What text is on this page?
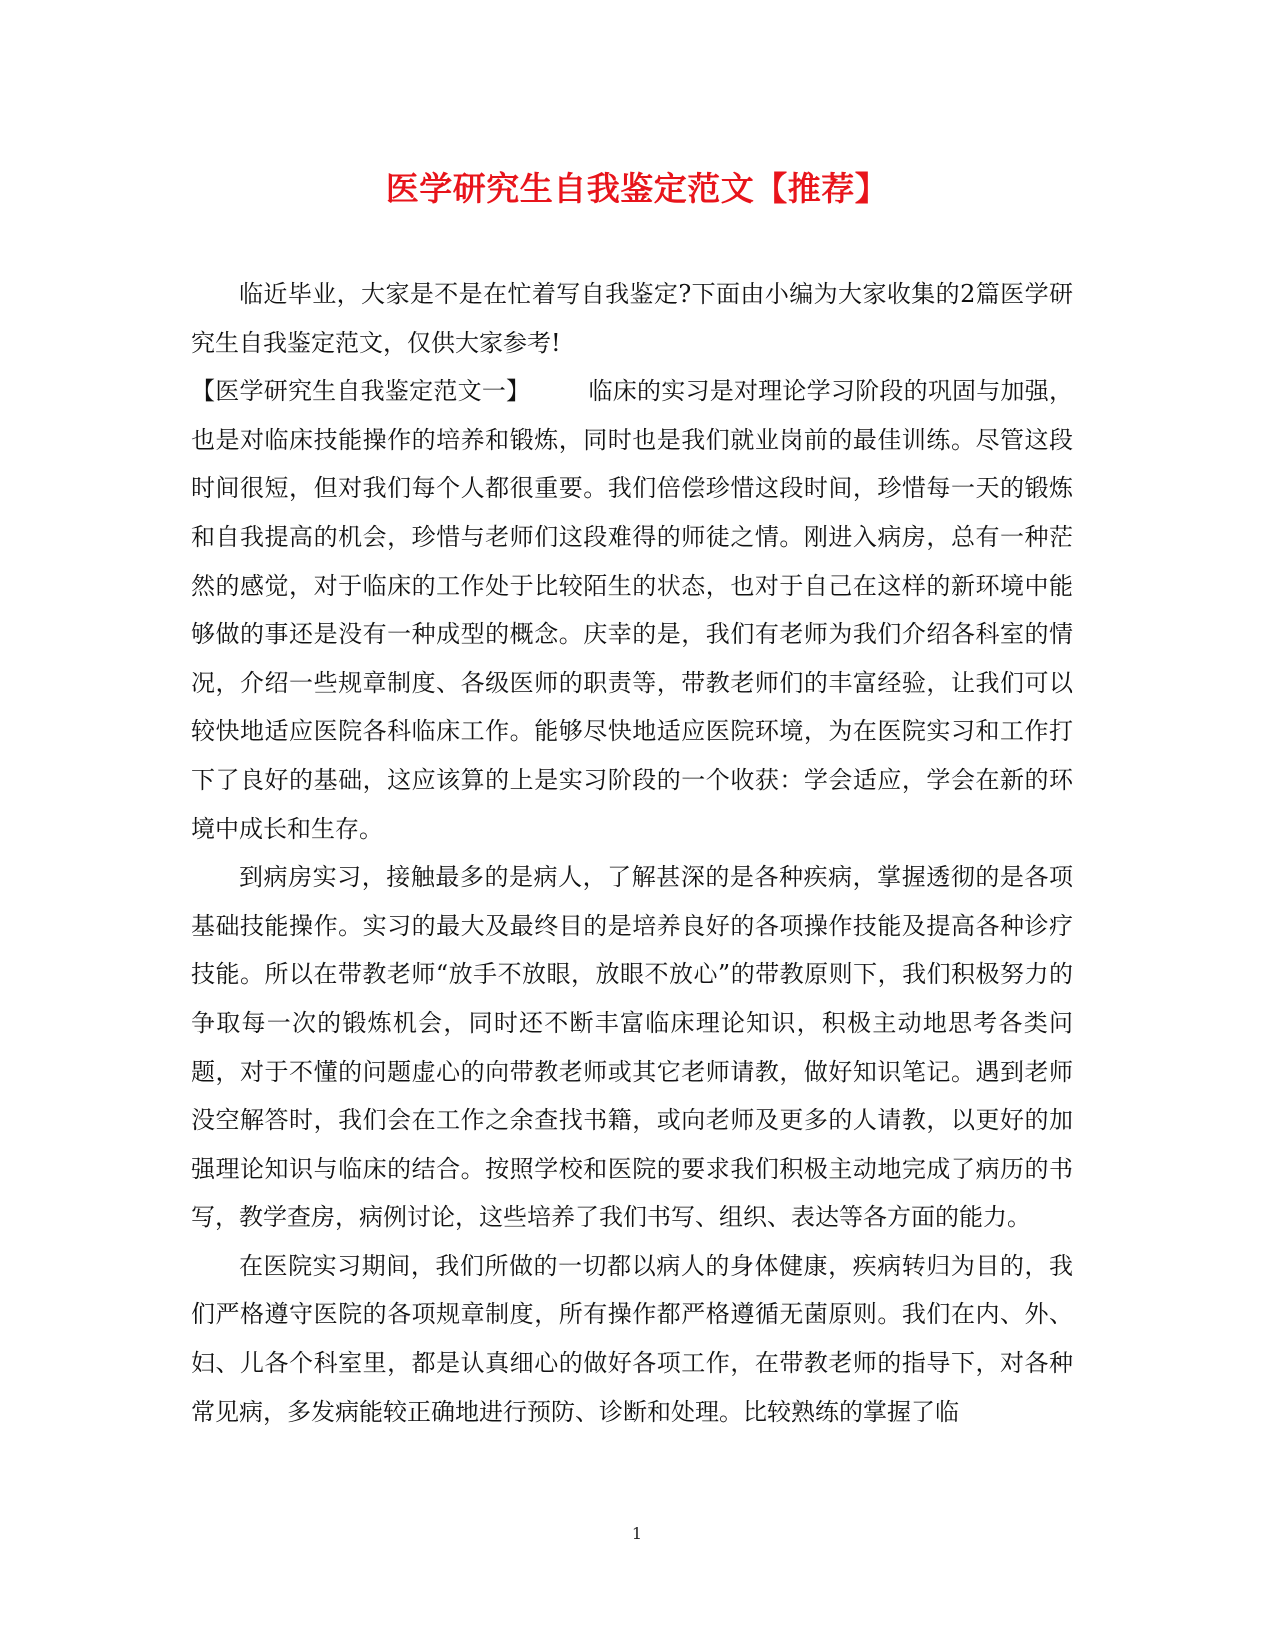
医学研究生自我鉴定范文【推荐】

临近毕业，大家是不是在忙着写自我鉴定?下面由小编为大家收集的2篇医学研究生自我鉴定范文，仅供大家参考!

【医学研究生自我鉴定范文一】 临床的实习是对理论学习阶段的巩固与加强，也是对临床技能操作的培养和锻炼，同时也是我们就业岗前的最佳训练。尽管这段时间很短，但对我们每个人都很重要。我们倍偿珍惜这段时间，珍惜每一天的锻炼和自我提高的机会，珍惜与老师们这段难得的师徒之情。刚进入病房，总有一种茫然的感觉，对于临床的工作处于比较陌生的状态，也对于自己在这样的新环境中能够做的事还是没有一种成型的概念。庆幸的是，我们有老师为我们介绍各科室的情况，介绍一些规章制度、各级医师的职责等，带教老师们的丰富经验，让我们可以较快地适应医院各科临床工作。能够尽快地适应医院环境，为在医院实习和工作打下了良好的基础，这应该算的上是实习阶段的一个收获：学会适应，学会在新的环境中成长和生存。

到病房实习，接触最多的是病人，了解甚深的是各种疾病，掌握透彻的是各项基础技能操作。实习的最大及最终目的是培养良好的各项操作技能及提高各种诊疗技能。所以在带教老师“放手不放眼，放眼不放心”的带教原则下，我们积极努力的争取每一次的锻炼机会，同时还不断丰富临床理论知识，积极主动地思考各类问题，对于不懂的问题虚心的向带教老师或其它老师请教，做好知识笔记。遇到老师没空解答时，我们会在工作之余查找书籍，或向老师及更多的人请教，以更好的加强理论知识与临床的结合。按照学校和医院的要求我们积极主动地完成了病历的书写，教学查房，病例讨论，这些培养了我们书写、组织、表达等各方面的能力。

在医院实习期间，我们所做的一切都以病人的身体健康，疾病转归为目的，我们严格遵守医院的各项规章制度，所有操作都严格遵循无菌原则。我们在内、外、妇、儿各个科室里，都是认真细心的做好各项工作，在带教老师的指导下，对各种常见病，多发病能较正确地进行预防、诊断和处理。比较熟练的掌握了临

1
